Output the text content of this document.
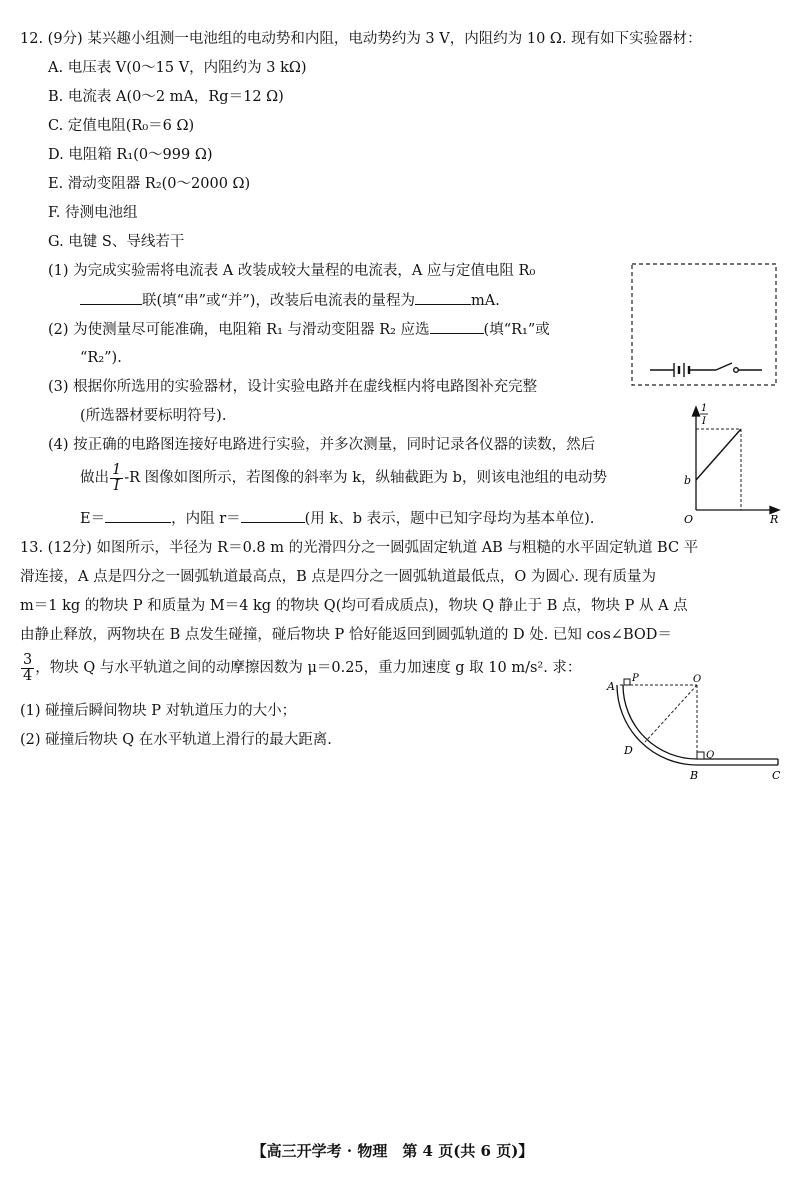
12. (9分) 某兴趣小组测一电池组的电动势和内阻，电动势约为 3 V，内阻约为 10 Ω. 现有如下实验器材：
A. 电压表 V(0～15 V，内阻约为 3 kΩ)
B. 电流表 A(0～2 mA，Rg＝12 Ω)
C. 定值电阻(R₀＝6 Ω)
D. 电阻箱 R₁(0～999 Ω)
E. 滑动变阻器 R₂(0～2000 Ω)
F. 待测电池组
G. 电键 S、导线若干
(1) 为完成实验需将电流表 A 改装成较大量程的电流表，A 应与定值电阻 R₀
联(填“串”或“并”)，改装后电流表的量程为	mA.
(2) 为使测量尽可能准确，电阻箱 R₁ 与滑动变阻器 R₂ 应选	(填“R₁”或
“R₂”).
(3) 根据你所选用的实验器材，设计实验电路并在虚线框内将电路图补充完整
(所选器材要标明符号).
(4) 按正确的电路图连接好电路进行实验，并多次测量，同时记录各仪器的读数，然后
做出 $\frac{1}{I} -R$ 图像如图所示，若图像的斜率为 k，纵轴截距为 b，则该电池组的电动势
E＝	，内阻 r＝	(用 k、b 表示，题中已知字母均为基本单位).
1
I
b
O	R
13. (12分) 如图所示，半径为 R＝0.8 m 的光滑四分之一圆弧固定轨道 AB 与粗糙的水平固定轨道 BC 平
滑连接，A 点是四分之一圆弧轨道最高点，B 点是四分之一圆弧轨道最低点，O 为圆心. 现有质量为
m＝1 kg 的物块 P 和质量为 M＝4 kg 的物块 Q(均可看成质点)，物块 Q 静止于 B 点，物块 P 从 A 点
由静止释放，两物块在 B 点发生碰撞，碰后物块 P 恰好能返回到圆弧轨道的 D 处. 已知 cos∠BOD＝
$\frac{3}{4}$ ，物块 Q 与水平轨道之间的动摩擦因数为 μ＝0.25，重力加速度 g 取 10 m/s². 求：
(1) 碰撞后瞬间物块 P 对轨道压力的大小；
(2) 碰撞后物块 Q 在水平轨道上滑行的最大距离.
A
P	O
D	Q
B	C
【高三开学考 · 物理　第 4 页(共 6 页)】
